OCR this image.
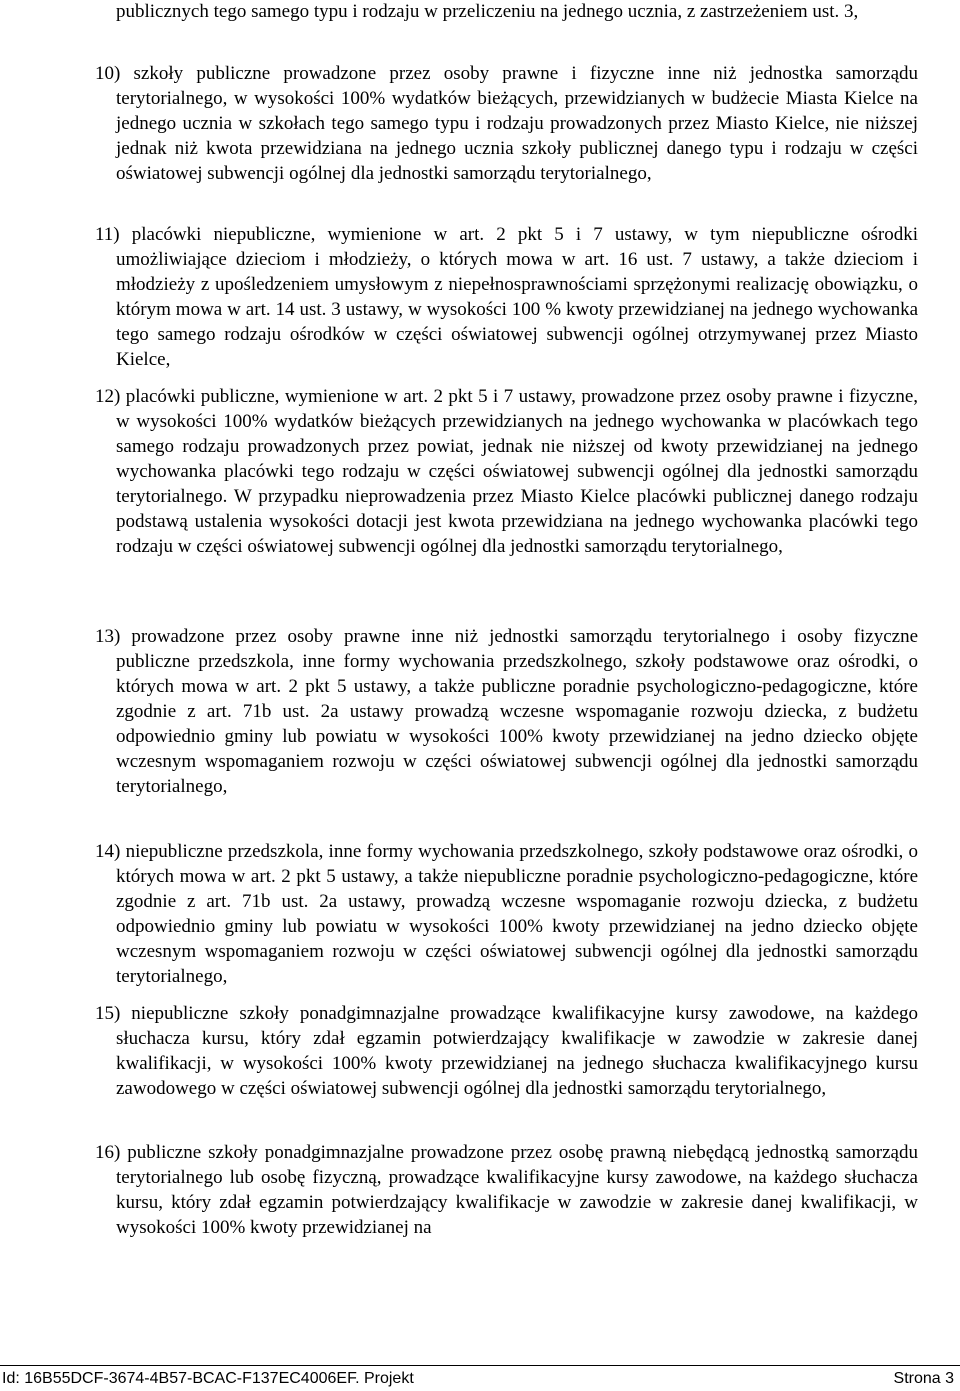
publicznych tego samego typu i rodzaju w przeliczeniu na jednego ucznia, z zastrzeżeniem ust. 3,

10) szkoły publiczne prowadzone przez osoby prawne i fizyczne inne niż jednostka samorządu terytorialnego, w wysokości 100% wydatków bieżących, przewidzianych w budżecie Miasta Kielce na jednego ucznia w szkołach tego samego typu i rodzaju prowadzonych przez Miasto Kielce, nie niższej jednak niż kwota przewidziana na jednego ucznia szkoły publicznej danego typu i rodzaju w części oświatowej subwencji ogólnej dla jednostki samorządu terytorialnego,

11) placówki niepubliczne, wymienione w art. 2 pkt 5 i 7 ustawy, w tym niepubliczne ośrodki umożliwiające dzieciom i młodzieży, o których mowa w art. 16 ust. 7 ustawy, a także dzieciom i młodzieży z upośledzeniem umysłowym z niepełnosprawnościami sprzężonymi realizację obowiązku, o którym mowa w art. 14 ust. 3 ustawy, w wysokości 100 % kwoty przewidzianej na jednego wychowanka tego samego rodzaju ośrodków w części oświatowej subwencji ogólnej otrzymywanej przez Miasto Kielce,

12) placówki publiczne, wymienione w art. 2 pkt 5 i 7 ustawy, prowadzone przez osoby prawne i fizyczne, w wysokości 100% wydatków bieżących przewidzianych na jednego wychowanka w placówkach tego samego rodzaju prowadzonych przez powiat, jednak nie niższej od kwoty przewidzianej na jednego wychowanka placówki tego rodzaju w części oświatowej subwencji ogólnej dla jednostki samorządu terytorialnego. W przypadku nieprowadzenia przez Miasto Kielce placówki publicznej danego rodzaju podstawą ustalenia wysokości dotacji jest kwota przewidziana na jednego wychowanka placówki tego rodzaju w części oświatowej subwencji ogólnej dla jednostki samorządu terytorialnego,

13) prowadzone przez osoby prawne inne niż jednostki samorządu terytorialnego i osoby fizyczne publiczne przedszkola, inne formy wychowania przedszkolnego, szkoły podstawowe oraz ośrodki, o których mowa w art. 2 pkt 5 ustawy, a także publiczne poradnie psychologiczno-pedagogiczne, które zgodnie z art. 71b ust. 2a ustawy prowadzą wczesne wspomaganie rozwoju dziecka, z budżetu odpowiednio gminy lub powiatu w wysokości 100% kwoty przewidzianej na jedno dziecko objęte wczesnym wspomaganiem rozwoju w części oświatowej subwencji ogólnej dla jednostki samorządu terytorialnego,

14) niepubliczne przedszkola, inne formy wychowania przedszkolnego, szkoły podstawowe oraz ośrodki, o których mowa w art. 2 pkt 5 ustawy, a także niepubliczne poradnie psychologiczno-pedagogiczne, które zgodnie z art. 71b ust. 2a ustawy, prowadzą wczesne wspomaganie rozwoju dziecka, z budżetu odpowiednio gminy lub powiatu w wysokości 100% kwoty przewidzianej na jedno dziecko objęte wczesnym wspomaganiem rozwoju w części oświatowej subwencji ogólnej dla jednostki samorządu terytorialnego,

15) niepubliczne szkoły ponadgimnazjalne prowadzące kwalifikacyjne kursy zawodowe, na każdego słuchacza kursu, który zdał egzamin potwierdzający kwalifikacje w zawodzie w zakresie danej kwalifikacji, w wysokości 100% kwoty przewidzianej na jednego słuchacza kwalifikacyjnego kursu zawodowego w części oświatowej subwencji ogólnej dla jednostki samorządu terytorialnego,

16) publiczne szkoły ponadgimnazjalne prowadzone przez osobę prawną niebędącą jednostką samorządu terytorialnego lub osobę fizyczną, prowadzące kwalifikacyjne kursy zawodowe, na każdego słuchacza kursu, który zdał egzamin potwierdzający kwalifikacje w zawodzie w zakresie danej kwalifikacji, w wysokości 100% kwoty przewidzianej na

Id: 16B55DCF-3674-4B57-BCAC-F137EC4006EF. Projekt	Strona 3
